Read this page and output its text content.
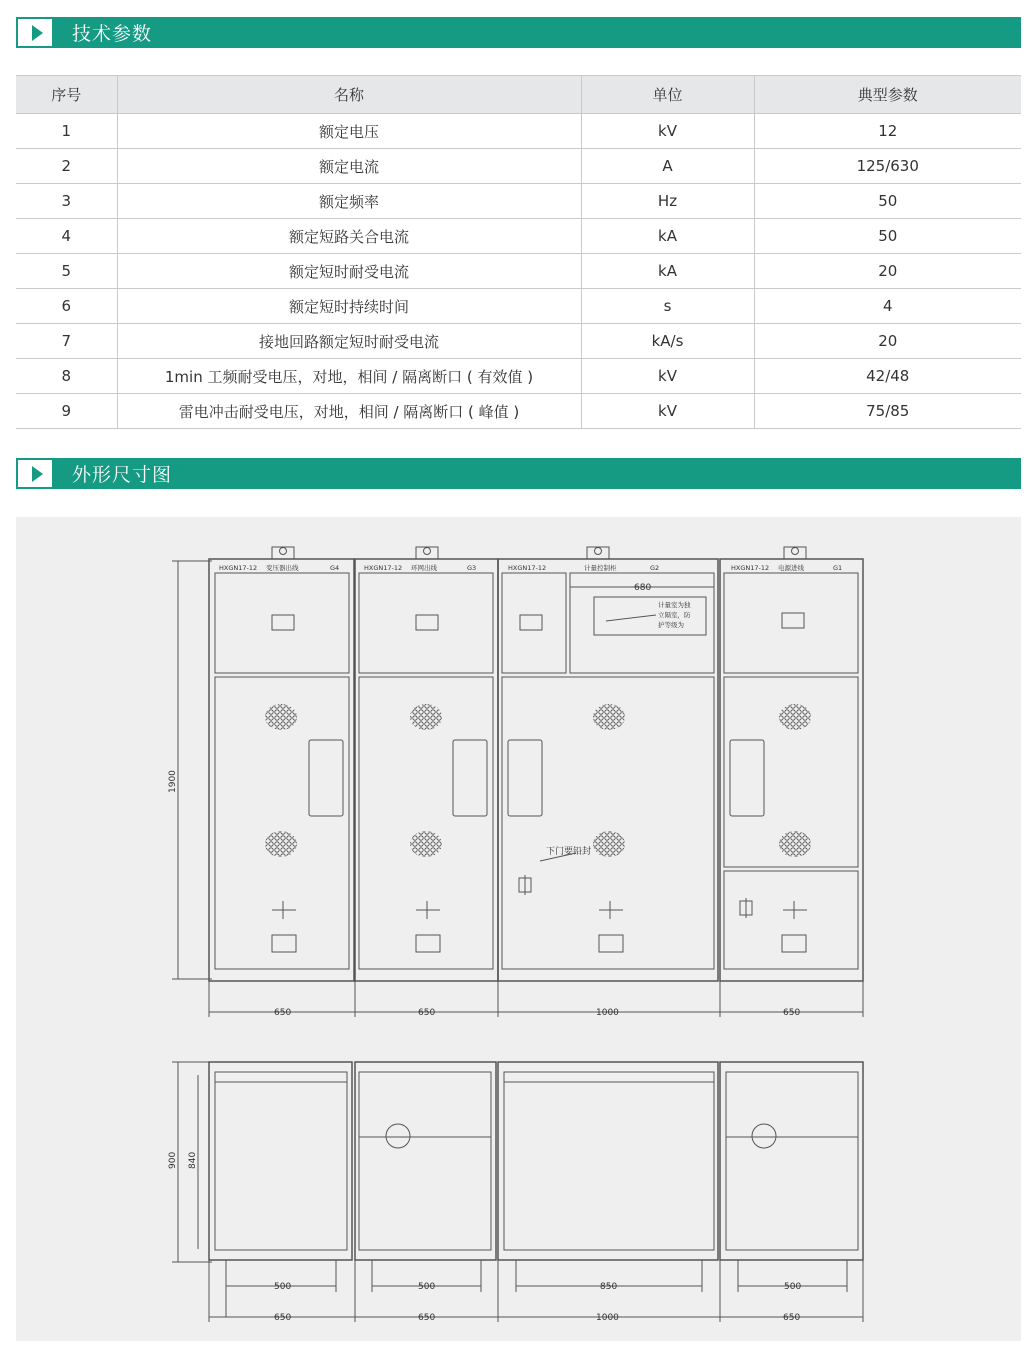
技术参数
序号	名称	单位	典型参数
1	额定电压	kV	12
2	额定电流	A	125/630
3	额定频率	Hz	50
4	额定短路关合电流	kA	50
5	额定短时耐受电流	kA	20
6	额定短时持续时间	s	4
7	接地回路额定短时耐受电流	kA/s	20
8	1min 工频耐受电压，对地，相间 / 隔离断口 ( 有效值 )	kV	42/48
9	雷电冲击耐受电压，对地，相间 / 隔离断口 ( 峰值 )	kV	75/85
外形尺寸图
HXGN17-12 变压器出线	G4	HXGN17-12 环网出线	G3	HXGN17-12	计量控制柜	G2	HXGN17-12 电源进线	G1
计量室为独
立隔室，防
护等级为
680
下门要铅封
1900
650	650	1000	650
900 840
500	500	850	500
650	650	1000	650
